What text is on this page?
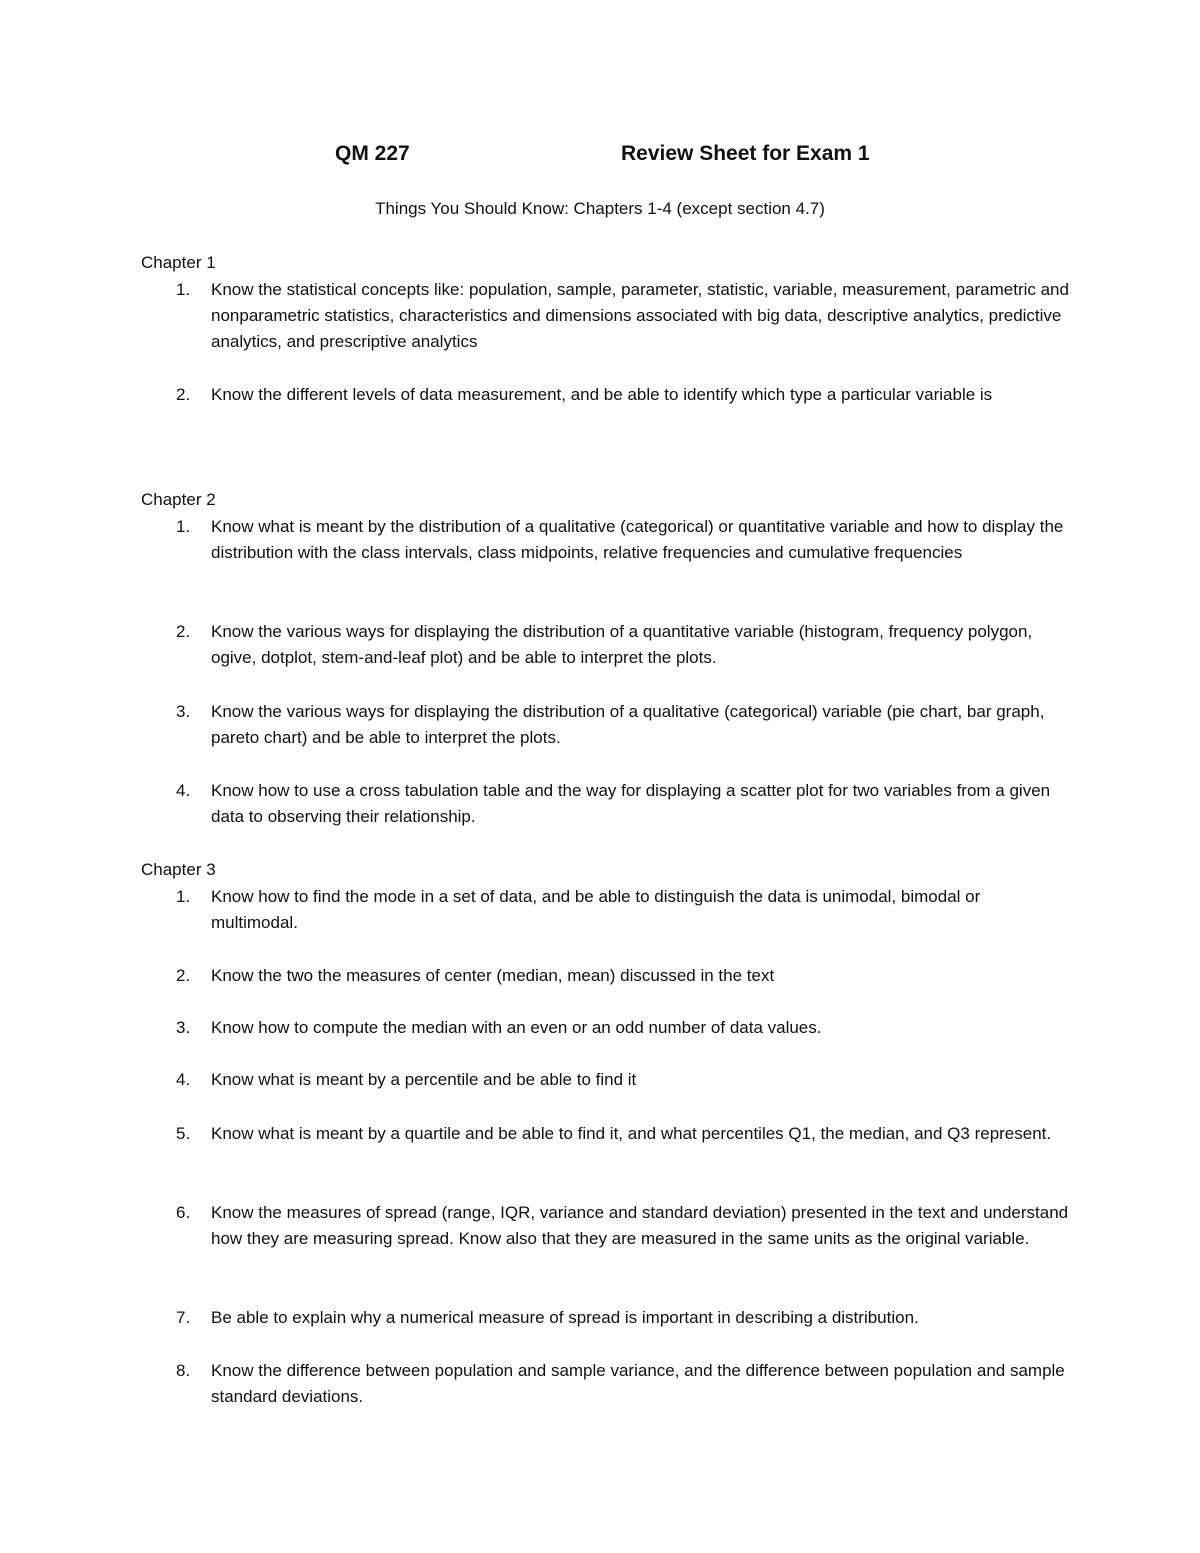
QM 227	Review Sheet for Exam 1
Things You Should Know: Chapters 1-4 (except section 4.7)
Chapter 1
1.	Know the statistical concepts like: population, sample, parameter, statistic, variable, measurement, parametric and nonparametric statistics, characteristics and dimensions associated with big data, descriptive analytics, predictive analytics, and prescriptive analytics
2.	Know the different levels of data measurement, and be able to identify which type a particular variable is
Chapter 2
1.	Know what is meant by the distribution of a qualitative (categorical) or quantitative variable and how to display the distribution with the class intervals, class midpoints, relative frequencies and cumulative frequencies
2.	Know the various ways for displaying the distribution of a quantitative variable (histogram, frequency polygon, ogive, dotplot, stem-and-leaf plot) and be able to interpret the plots.
3.	Know the various ways for displaying the distribution of a qualitative (categorical) variable (pie chart, bar graph, pareto chart) and be able to interpret the plots.
4.	Know how to use a cross tabulation table and the way for displaying a scatter plot for two variables from a given data to observing their relationship.
Chapter 3
1.	Know how to find the mode in a set of data, and be able to distinguish the data is unimodal, bimodal or multimodal.
2.	Know the two the measures of center (median, mean) discussed in the text
3.	Know how to compute the median with an even or an odd number of data values.
4.	Know what is meant by a percentile and be able to find it
5.	Know what is meant by a quartile and be able to find it, and what percentiles Q1, the median, and Q3 represent.
6.	Know the measures of spread (range, IQR, variance and standard deviation) presented in the text and understand how they are measuring spread. Know also that they are measured in the same units as the original variable.
7.	Be able to explain why a numerical measure of spread is important in describing a distribution.
8.	Know the difference between population and sample variance, and the difference between population and sample standard deviations.
